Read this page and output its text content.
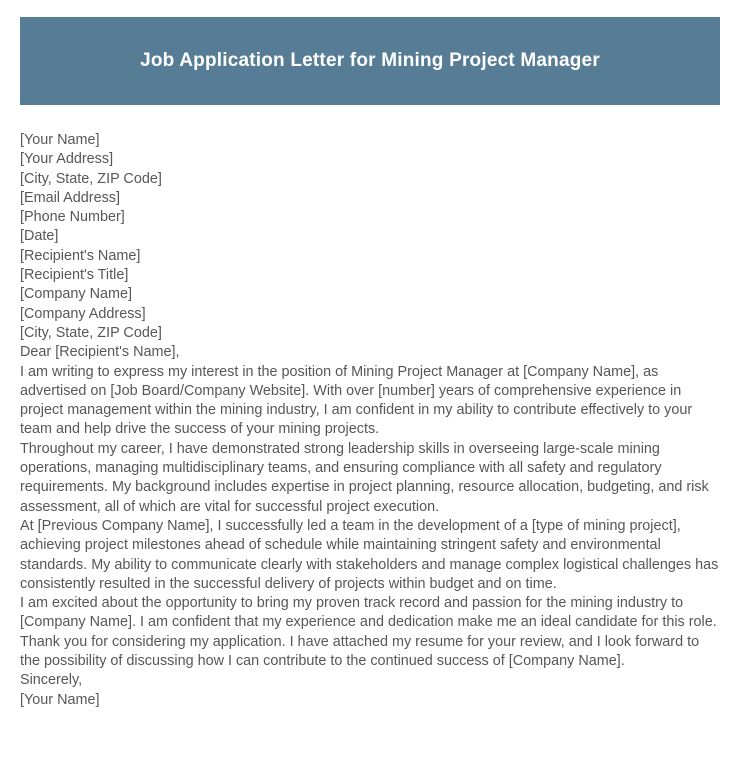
Job Application Letter for Mining Project Manager
[Your Name]
[Your Address]
[City, State, ZIP Code]
[Email Address]
[Phone Number]
[Date]
[Recipient's Name]
[Recipient's Title]
[Company Name]
[Company Address]
[City, State, ZIP Code]
Dear [Recipient's Name],

I am writing to express my interest in the position of Mining Project Manager at [Company Name], as advertised on [Job Board/Company Website]. With over [number] years of comprehensive experience in project management within the mining industry, I am confident in my ability to contribute effectively to your team and help drive the success of your mining projects.

Throughout my career, I have demonstrated strong leadership skills in overseeing large-scale mining operations, managing multidisciplinary teams, and ensuring compliance with all safety and regulatory requirements. My background includes expertise in project planning, resource allocation, budgeting, and risk assessment, all of which are vital for successful project execution.

At [Previous Company Name], I successfully led a team in the development of a [type of mining project], achieving project milestones ahead of schedule while maintaining stringent safety and environmental standards. My ability to communicate clearly with stakeholders and manage complex logistical challenges has consistently resulted in the successful delivery of projects within budget and on time.

I am excited about the opportunity to bring my proven track record and passion for the mining industry to [Company Name]. I am confident that my experience and dedication make me an ideal candidate for this role.

Thank you for considering my application. I have attached my resume for your review, and I look forward to the possibility of discussing how I can contribute to the continued success of [Company Name].

Sincerely,
[Your Name]
